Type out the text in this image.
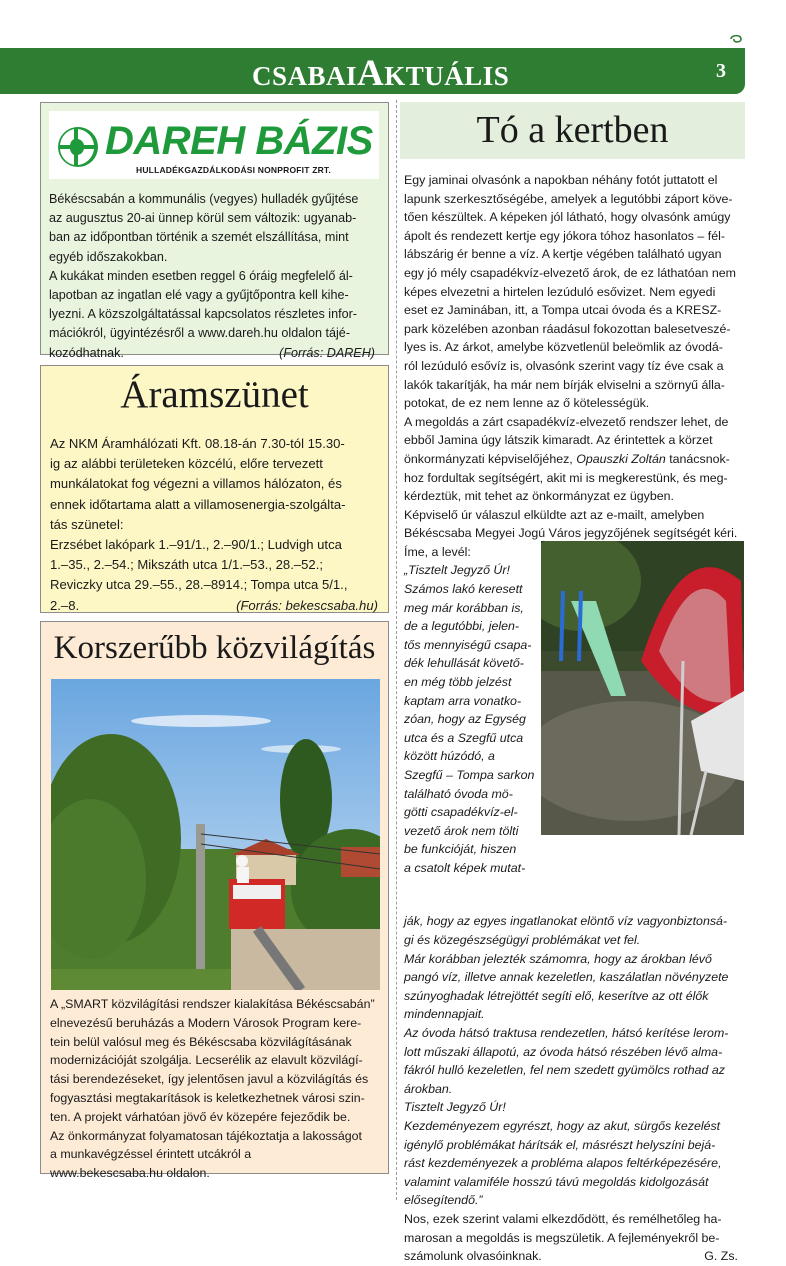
CSABAIAKTUÁLIS	3
DAREH BÁZIS
HULLADÉKGAZDÁLKODÁSI NONPROFIT ZRT.
Békéscsabán a kommunális (vegyes) hulladék gyűjtése
az augusztus 20-ai ünnep körül sem változik: ugyanab-
ban az időpontban történik a szemét elszállítása, mint
egyéb időszakokban.
A kukákat minden esetben reggel 6 óráig megfelelő ál-
lapotban az ingatlan elé vagy a gyűjtőpontra kell kihe-
lyezni. A közszolgáltatással kapcsolatos részletes infor-
mációkról, ügyintézésről a www.dareh.hu oldalon tájé-
kozódhatnak.	(Forrás: DAREH)
Áramszünet
Az NKM Áramhálózati Kft. 08.18-án 7.30-tól 15.30-
ig az alábbi területeken közcélú, előre tervezett
munkálatokat fog végezni a villamos hálózaton, és
ennek időtartama alatt a villamosenergia-szolgálta-
tás szünetel:
Erzsébet lakópark 1.–91/1., 2.–90/1.; Ludvigh utca
1.–35., 2.–54.; Mikszáth utca 1/1.–53., 28.–52.;
Reviczky utca 29.–55., 28.–8914.; Tompa utca 5/1.,
2.–8.	(Forrás: bekescsaba.hu)
Korszerűbb közvilágítás
A „SMART közvilágítási rendszer kialakítása Békéscsabán”
elnevezésű beruházás a Modern Városok Program kere-
tein belül valósul meg és Békéscsaba közvilágításának
modernizációját szolgálja. Lecserélik az elavult közvilágí-
tási berendezéseket, így jelentősen javul a közvilágítás és
fogyasztási megtakarítások is keletkezhetnek városi szin-
ten. A projekt várhatóan jövő év közepére fejeződik be.
Az önkormányzat folyamatosan tájékoztatja a lakosságot
a munkavégzéssel érintett utcákról a
www.bekescsaba.hu oldalon.
Tó a kertben
Egy jaminai olvasónk a napokban néhány fotót juttatott el
lapunk szerkesztőségébe, amelyek a legutóbbi záport köve-
tően készültek. A képeken jól látható, hogy olvasónk amúgy
ápolt és rendezett kertje egy jókora tóhoz hasonlatos – fél-
lábszárig ér benne a víz. A kertje végében található ugyan
egy jó mély csapadékvíz-elvezető árok, de ez láthatóan nem
képes elvezetni a hirtelen lezúduló esővizet. Nem egyedi
eset ez Jaminában, itt, a Tompa utcai óvoda és a KRESZ-
park közelében azonban ráadásul fokozottan balesetveszé-
lyes is. Az árkot, amelybe közvetlenül beleömlik az óvodá-
ról lezúduló esővíz is, olvasónk szerint vagy tíz éve csak a
lakók takarítják, ha már nem bírják elviselni a szörnyű álla-
potokat, de ez nem lenne az ő kötelességük.
A megoldás a zárt csapadékvíz-elvezető rendszer lehet, de
ebből Jamina úgy látszik kimaradt. Az érintettek a körzet
önkormányzati képviselőjéhez, Opauszki Zoltán tanácsnok-
hoz fordultak segítségért, akit mi is megkerestünk, és meg-
kérdeztük, mit tehet az önkormányzat ez ügyben.
Képviselő úr válaszul elküldte azt az e-mailt, amelyben
Békéscsaba Megyei Jogú Város jegyzőjének segítségét kéri.
Íme, a levél:
„Tisztelt Jegyző Úr!
Számos lakó keresett
meg már korábban is,
de a legutóbbi, jelen-
tős mennyiségű csapa-
dék lehullását követő-
en még több jelzést
kaptam arra vonatko-
zóan, hogy az Egység
utca és a Szegfű utca
között húzódó, a
Szegfű – Tompa sarkon
található óvoda mö-
götti csapadékvíz-el-
vezető árok nem tölti
be funkcióját, hiszen
a csatolt képek mutat-
ják, hogy az egyes ingatlanokat elöntő víz vagyonbiztonsá-
gi és közegészségügyi problémákat vet fel.
Már korábban jelezték számomra, hogy az árokban lévő
pangó víz, illetve annak kezeletlen, kaszálatlan növényzete
szúnyoghadak létrejöttét segíti elő, keserítve az ott élők
mindennapjait.
Az óvoda hátsó traktusa rendezetlen, hátsó kerítése lerom-
lott műszaki állapotú, az óvoda hátsó részében lévő alma-
fákról hulló kezeletlen, fel nem szedett gyümölcs rothad az
árokban.
Tisztelt Jegyző Úr!
Kezdeményezem egyrészt, hogy az akut, sürgős kezelést
igénylő problémákat hárítsák el, másrészt helyszíni bejá-
rást kezdeményezek a probléma alapos feltérképezésére,
valamint valamiféle hosszú távú megoldás kidolgozását
elősegítendő.”
Nos, ezek szerint valami elkezdődött, és remélhetőleg ha-
marosan a megoldás is megszületik. A fejleményekről be-
számolunk olvasóinknak.	G. Zs.
